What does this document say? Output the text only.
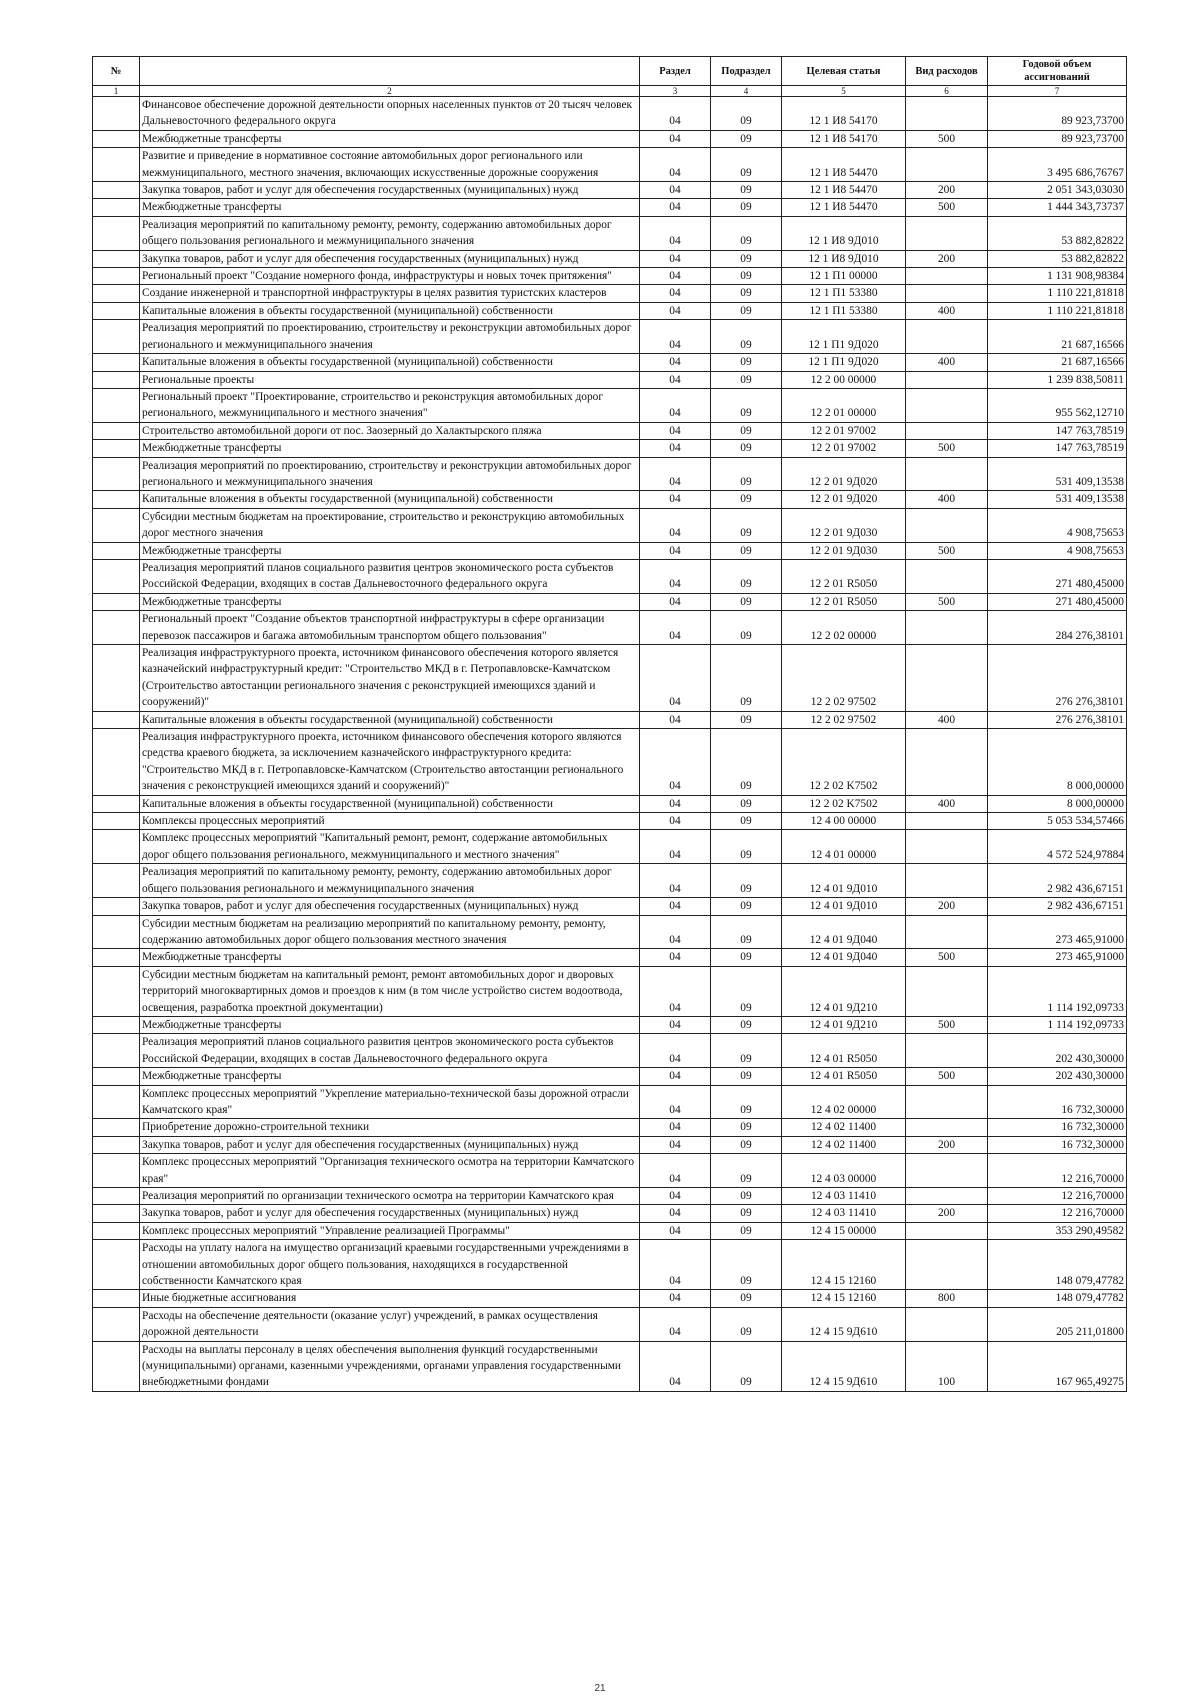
№		Раздел	Подраздел	Целевая статья	Вид расходов	Годовой объем ассигнований
1	2	3	4	5	6	7
	Финансовое обеспечение дорожной деятельности опорных населенных пунктов от 20 тысяч человек Дальневосточного федерального округа	04	09	12 1 И8 54170		89 923,73700
	Межбюджетные трансферты	04	09	12 1 И8 54170	500	89 923,73700
	Развитие и приведение в нормативное состояние автомобильных дорог регионального или межмуниципального, местного значения, включающих искусственные дорожные сооружения	04	09	12 1 И8 54470		3 495 686,76767
	Закупка товаров, работ и услуг для обеспечения государственных (муниципальных) нужд	04	09	12 1 И8 54470	200	2 051 343,03030
	Межбюджетные трансферты	04	09	12 1 И8 54470	500	1 444 343,73737
	Реализация мероприятий по капитальному ремонту, ремонту, содержанию автомобильных дорог общего пользования регионального и межмуниципального значения	04	09	12 1 И8 9Д010		53 882,82822
	Закупка товаров, работ и услуг для обеспечения государственных (муниципальных) нужд	04	09	12 1 И8 9Д010	200	53 882,82822
	Региональный проект "Создание номерного фонда, инфраструктуры и новых точек притяжения"	04	09	12 1 П1 00000		1 131 908,98384
	Создание инженерной и транспортной инфраструктуры в целях развития туристских кластеров	04	09	12 1 П1 53380		1 110 221,81818
	Капитальные вложения в объекты государственной (муниципальной) собственности	04	09	12 1 П1 53380	400	1 110 221,81818
	Реализация мероприятий по проектированию, строительству и реконструкции автомобильных дорог регионального и межмуниципального значения	04	09	12 1 П1 9Д020		21 687,16566
	Капитальные вложения в объекты государственной (муниципальной) собственности	04	09	12 1 П1 9Д020	400	21 687,16566
	Региональные проекты	04	09	12 2 00 00000		1 239 838,50811
	Региональный проект "Проектирование, строительство и реконструкция автомобильных дорог регионального, межмуниципального и местного значения"	04	09	12 2 01 00000		955 562,12710
	Строительство автомобильной дороги от пос. Заозерный до Халактырского пляжа	04	09	12 2 01 97002		147 763,78519
	Межбюджетные трансферты	04	09	12 2 01 97002	500	147 763,78519
	Реализация мероприятий по проектированию, строительству и реконструкции автомобильных дорог регионального и межмуниципального значения	04	09	12 2 01 9Д020		531 409,13538
	Капитальные вложения в объекты государственной (муниципальной) собственности	04	09	12 2 01 9Д020	400	531 409,13538
	Субсидии местным бюджетам на проектирование, строительство и реконструкцию автомобильных дорог местного значения	04	09	12 2 01 9Д030		4 908,75653
	Межбюджетные трансферты	04	09	12 2 01 9Д030	500	4 908,75653
	Реализация мероприятий планов социального развития центров экономического роста субъектов Российской Федерации, входящих в состав Дальневосточного федерального округа	04	09	12 2 01 R5050		271 480,45000
	Межбюджетные трансферты	04	09	12 2 01 R5050	500	271 480,45000
	Региональный проект "Создание объектов транспортной инфраструктуры в сфере организации перевозок пассажиров и багажа автомобильным транспортом общего пользования"	04	09	12 2 02 00000		284 276,38101
	Реализация инфраструктурного проекта, источником финансового обеспечения которого является казначейский инфраструктурный кредит: "Строительство МКД в г. Петропавловске-Камчатском (Строительство автостанции регионального значения с реконструкцией имеющихся зданий и сооружений)"	04	09	12 2 02 97502		276 276,38101
	Капитальные вложения в объекты государственной (муниципальной) собственности	04	09	12 2 02 97502	400	276 276,38101
	Реализация инфраструктурного проекта, источником финансового обеспечения которого являются средства краевого бюджета, за исключением казначейского инфраструктурного кредита: "Строительство МКД в г. Петропавловске-Камчатском (Строительство автостанции регионального значения с реконструкцией имеющихся зданий и сооружений)"	04	09	12 2 02 K7502		8 000,00000
	Капитальные вложения в объекты государственной (муниципальной) собственности	04	09	12 2 02 K7502	400	8 000,00000
	Комплексы процессных мероприятий	04	09	12 4 00 00000		5 053 534,57466
	Комплекс процессных мероприятий "Капитальный ремонт, ремонт, содержание автомобильных дорог общего пользования регионального, межмуниципального и местного значения"	04	09	12 4 01 00000		4 572 524,97884
	Реализация мероприятий по капитальному ремонту, ремонту, содержанию автомобильных дорог общего пользования регионального и межмуниципального значения	04	09	12 4 01 9Д010		2 982 436,67151
	Закупка товаров, работ и услуг для обеспечения государственных (муниципальных) нужд	04	09	12 4 01 9Д010	200	2 982 436,67151
	Субсидии местным бюджетам на реализацию мероприятий по капитальному ремонту, ремонту, содержанию автомобильных дорог общего пользования местного значения	04	09	12 4 01 9Д040		273 465,91000
	Межбюджетные трансферты	04	09	12 4 01 9Д040	500	273 465,91000
	Субсидии местным бюджетам на капитальный ремонт, ремонт автомобильных дорог и дворовых территорий многоквартирных домов и проездов к ним (в том числе устройство систем водоотвода, освещения, разработка проектной документации)	04	09	12 4 01 9Д210		1 114 192,09733
	Межбюджетные трансферты	04	09	12 4 01 9Д210	500	1 114 192,09733
	Реализация мероприятий планов социального развития центров экономического роста субъектов Российской Федерации, входящих в состав Дальневосточного федерального округа	04	09	12 4 01 R5050		202 430,30000
	Межбюджетные трансферты	04	09	12 4 01 R5050	500	202 430,30000
	Комплекс процессных мероприятий "Укрепление материально-технической базы дорожной отрасли Камчатского края"	04	09	12 4 02 00000		16 732,30000
	Приобретение дорожно-строительной техники	04	09	12 4 02 11400		16 732,30000
	Закупка товаров, работ и услуг для обеспечения государственных (муниципальных) нужд	04	09	12 4 02 11400	200	16 732,30000
	Комплекс процессных мероприятий "Организация технического осмотра на территории Камчатского края"	04	09	12 4 03 00000		12 216,70000
	Реализация мероприятий по организации технического осмотра на территории Камчатского края	04	09	12 4 03 11410		12 216,70000
	Закупка товаров, работ и услуг для обеспечения государственных (муниципальных) нужд	04	09	12 4 03 11410	200	12 216,70000
	Комплекс процессных мероприятий "Управление реализацией Программы"	04	09	12 4 15 00000		353 290,49582
	Расходы на уплату налога на имущество организаций краевыми государственными учреждениями в отношении автомобильных дорог общего пользования, находящихся в государственной собственности Камчатского края	04	09	12 4 15 12160		148 079,47782
	Иные бюджетные ассигнования	04	09	12 4 15 12160	800	148 079,47782
	Расходы на обеспечение деятельности (оказание услуг) учреждений, в рамках осуществления дорожной деятельности	04	09	12 4 15 9Д610		205 211,01800
	Расходы на выплаты персоналу в целях обеспечения выполнения функций государственными (муниципальными) органами, казенными учреждениями, органами управления государственными внебюджетными фондами	04	09	12 4 15 9Д610	100	167 965,49275
21
